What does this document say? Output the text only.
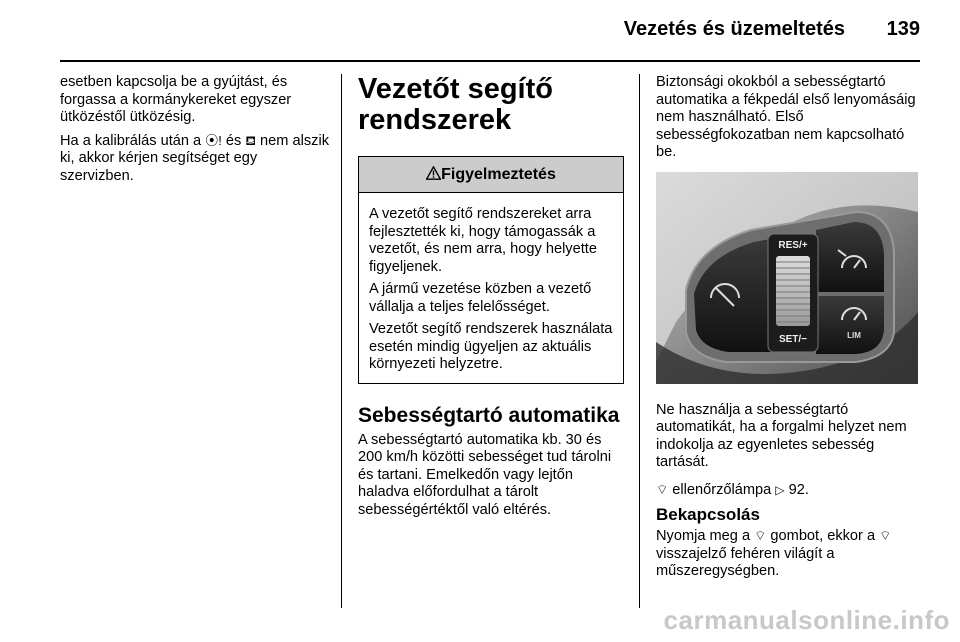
Vezetés és üzemeltetés 139

esetben kapcsolja be a gyújtást, és forgassa a kormánykereket egyszer ütközéstől ütközésig.

Ha a kalibrálás után a ⦿! és ⛾ nem alszik ki, akkor kérjen segítséget egy szervizben.

Vezetőt segítő rendszerek
Figyelmeztetés

A vezetőt segítő rendszereket arra fejlesztették ki, hogy támogassák a vezetőt, és nem arra, hogy helyette figyeljenek.

A jármű vezetése közben a vezető vállalja a teljes felelősséget.

Vezetőt segítő rendszerek használata esetén mindig ügyeljen az aktuális környezeti helyzetre.

Sebességtartó automatika

A sebességtartó automatika kb. 30 és 200 km/h közötti sebességet tud tárolni és tartani. Emelkedőn vagy lejtőn haladva előfordulhat a tárolt sebességértéktől való eltérés.

Biztonsági okokból a sebességtartó automatika a fékpedál első lenyomásáig nem használható. Első sebességfokozatban nem kapcsolható be.

RES/+
SET/−	LIM

Ne használja a sebességtartó automatikát, ha a forgalmi helyzet nem indokolja az egyenletes sebesség tartását.

⌔ ellenőrzőlámpa ▷ 92.

Bekapcsolás

Nyomja meg a ⌔ gombot, ekkor a ⌔ visszajelző fehéren világít a műszeregységben.

carmanualsonline.info
